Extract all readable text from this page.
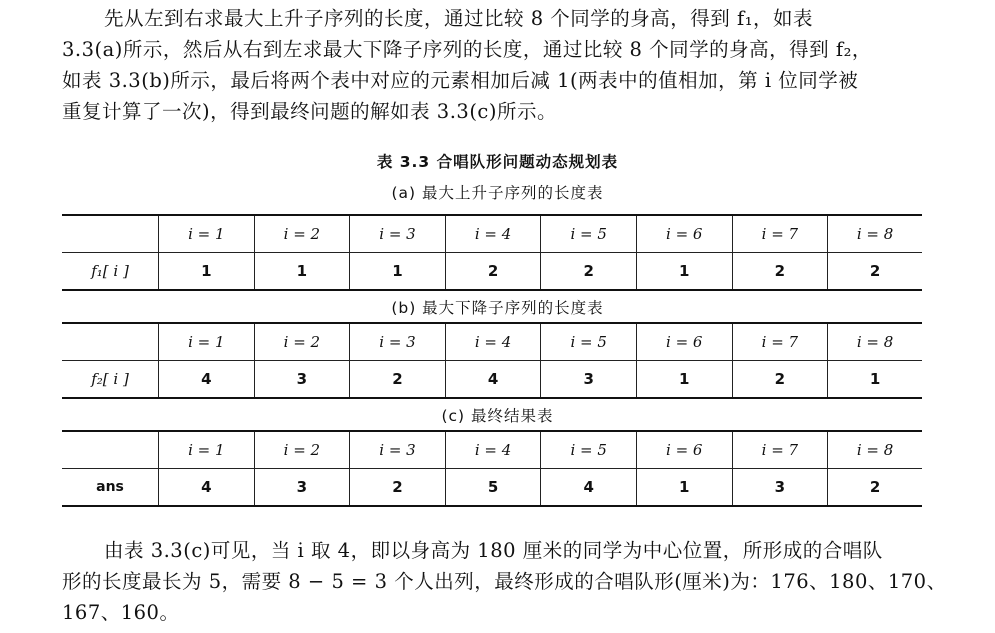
先从左到右求最大上升子序列的长度，通过比较 8 个同学的身高，得到 f₁，如表
3.3(a)所示，然后从右到左求最大下降子序列的长度，通过比较 8 个同学的身高，得到 f₂，
如表 3.3(b)所示，最后将两个表中对应的元素相加后减 1(两表中的值相加，第 i 位同学被
重复计算了一次)，得到最终问题的解如表 3.3(c)所示。
表 3.3 合唱队形问题动态规划表
(a) 最大上升子序列的长度表
	i = 1	i = 2	i = 3	i = 4	i = 5	i = 6	i = 7	i = 8
f₁[ i ]	1	1	1	2	2	1	2	2
(b) 最大下降子序列的长度表
	i = 1	i = 2	i = 3	i = 4	i = 5	i = 6	i = 7	i = 8
f₂[ i ]	4	3	2	4	3	1	2	1
(c) 最终结果表
	i = 1	i = 2	i = 3	i = 4	i = 5	i = 6	i = 7	i = 8
ans	4	3	2	5	4	1	3	2
由表 3.3(c)可见，当 i 取 4，即以身高为 180 厘米的同学为中心位置，所形成的合唱队
形的长度最长为 5，需要 8 − 5 = 3 个人出列，最终形成的合唱队形(厘米)为：176、180、170、
167、160。
